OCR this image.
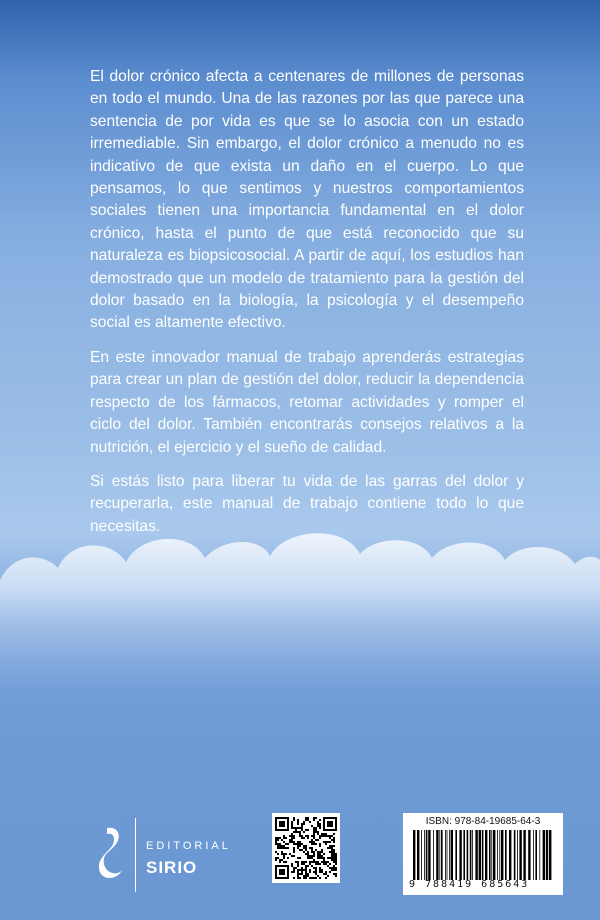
El dolor crónico afecta a centenares de millones de personas en todo el mundo. Una de las razones por las que parece una sentencia de por vida es que se lo asocia con un estado irremediable. Sin embargo, el dolor crónico a menudo no es indicativo de que exista un daño en el cuerpo. Lo que pensamos, lo que sentimos y nuestros comportamientos sociales tienen una importancia fundamental en el dolor crónico, hasta el punto de que está reconocido que su naturaleza es biopsicosocial. A partir de aquí, los estudios han demostrado que un modelo de tratamiento para la gestión del dolor basado en la biología, la psicología y el desempeño social es altamente efectivo.

En este innovador manual de trabajo aprenderás estrategias para crear un plan de gestión del dolor, reducir la dependencia respecto de los fármacos, retomar actividades y romper el ciclo del dolor. También encontrarás consejos relativos a la nutrición, el ejercicio y el sueño de calidad.

Si estás listo para liberar tu vida de las garras del dolor y recuperarla, este manual de trabajo contiene todo lo que necesitas.

EDITORIAL
SIRIO
ISBN: 978-84-19685-64-3
9 788419 685643
